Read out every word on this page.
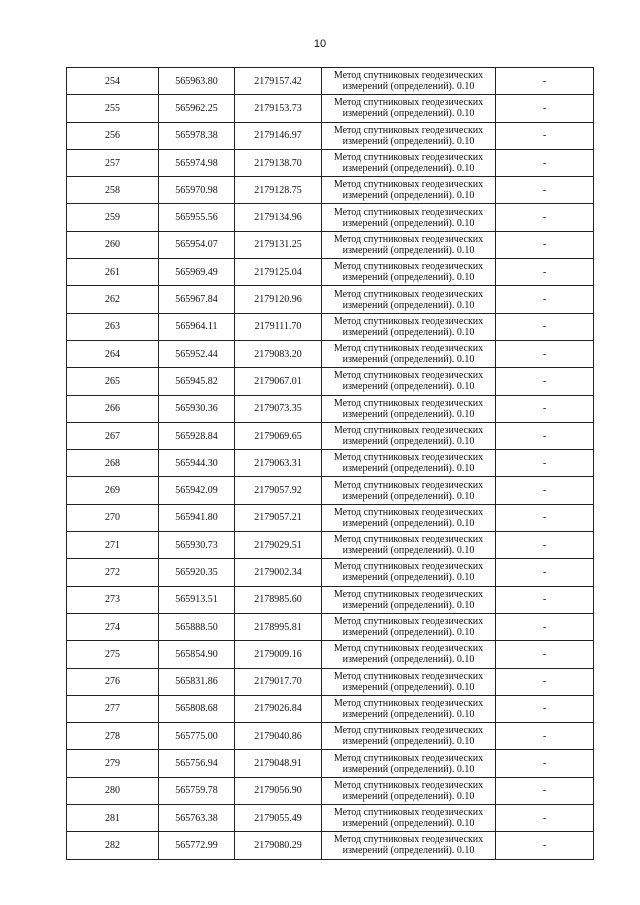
10
254	565963.80	2179157.42	Метод спутниковых геодезических
измерений (определений). 0.10	-
255	565962.25	2179153.73	Метод спутниковых геодезических
измерений (определений). 0.10	-
256	565978.38	2179146.97	Метод спутниковых геодезических
измерений (определений). 0.10	-
257	565974.98	2179138.70	Метод спутниковых геодезических
измерений (определений). 0.10	-
258	565970.98	2179128.75	Метод спутниковых геодезических
измерений (определений). 0.10	-
259	565955.56	2179134.96	Метод спутниковых геодезических
измерений (определений). 0.10	-
260	565954.07	2179131.25	Метод спутниковых геодезических
измерений (определений). 0.10	-
261	565969.49	2179125.04	Метод спутниковых геодезических
измерений (определений). 0.10	-
262	565967.84	2179120.96	Метод спутниковых геодезических
измерений (определений). 0.10	-
263	565964.11	2179111.70	Метод спутниковых геодезических
измерений (определений). 0.10	-
264	565952.44	2179083.20	Метод спутниковых геодезических
измерений (определений). 0.10	-
265	565945.82	2179067.01	Метод спутниковых геодезических
измерений (определений). 0.10	-
266	565930.36	2179073.35	Метод спутниковых геодезических
измерений (определений). 0.10	-
267	565928.84	2179069.65	Метод спутниковых геодезических
измерений (определений). 0.10	-
268	565944.30	2179063.31	Метод спутниковых геодезических
измерений (определений). 0.10	-
269	565942.09	2179057.92	Метод спутниковых геодезических
измерений (определений). 0.10	-
270	565941.80	2179057.21	Метод спутниковых геодезических
измерений (определений). 0.10	-
271	565930.73	2179029.51	Метод спутниковых геодезических
измерений (определений). 0.10	-
272	565920.35	2179002.34	Метод спутниковых геодезических
измерений (определений). 0.10	-
273	565913.51	2178985.60	Метод спутниковых геодезических
измерений (определений). 0.10	-
274	565888.50	2178995.81	Метод спутниковых геодезических
измерений (определений). 0.10	-
275	565854.90	2179009.16	Метод спутниковых геодезических
измерений (определений). 0.10	-
276	565831.86	2179017.70	Метод спутниковых геодезических
измерений (определений). 0.10	-
277	565808.68	2179026.84	Метод спутниковых геодезических
измерений (определений). 0.10	-
278	565775.00	2179040.86	Метод спутниковых геодезических
измерений (определений). 0.10	-
279	565756.94	2179048.91	Метод спутниковых геодезических
измерений (определений). 0.10	-
280	565759.78	2179056.90	Метод спутниковых геодезических
измерений (определений). 0.10	-
281	565763.38	2179055.49	Метод спутниковых геодезических
измерений (определений). 0.10	-
282	565772.99	2179080.29	Метод спутниковых геодезических
измерений (определений). 0.10	-
